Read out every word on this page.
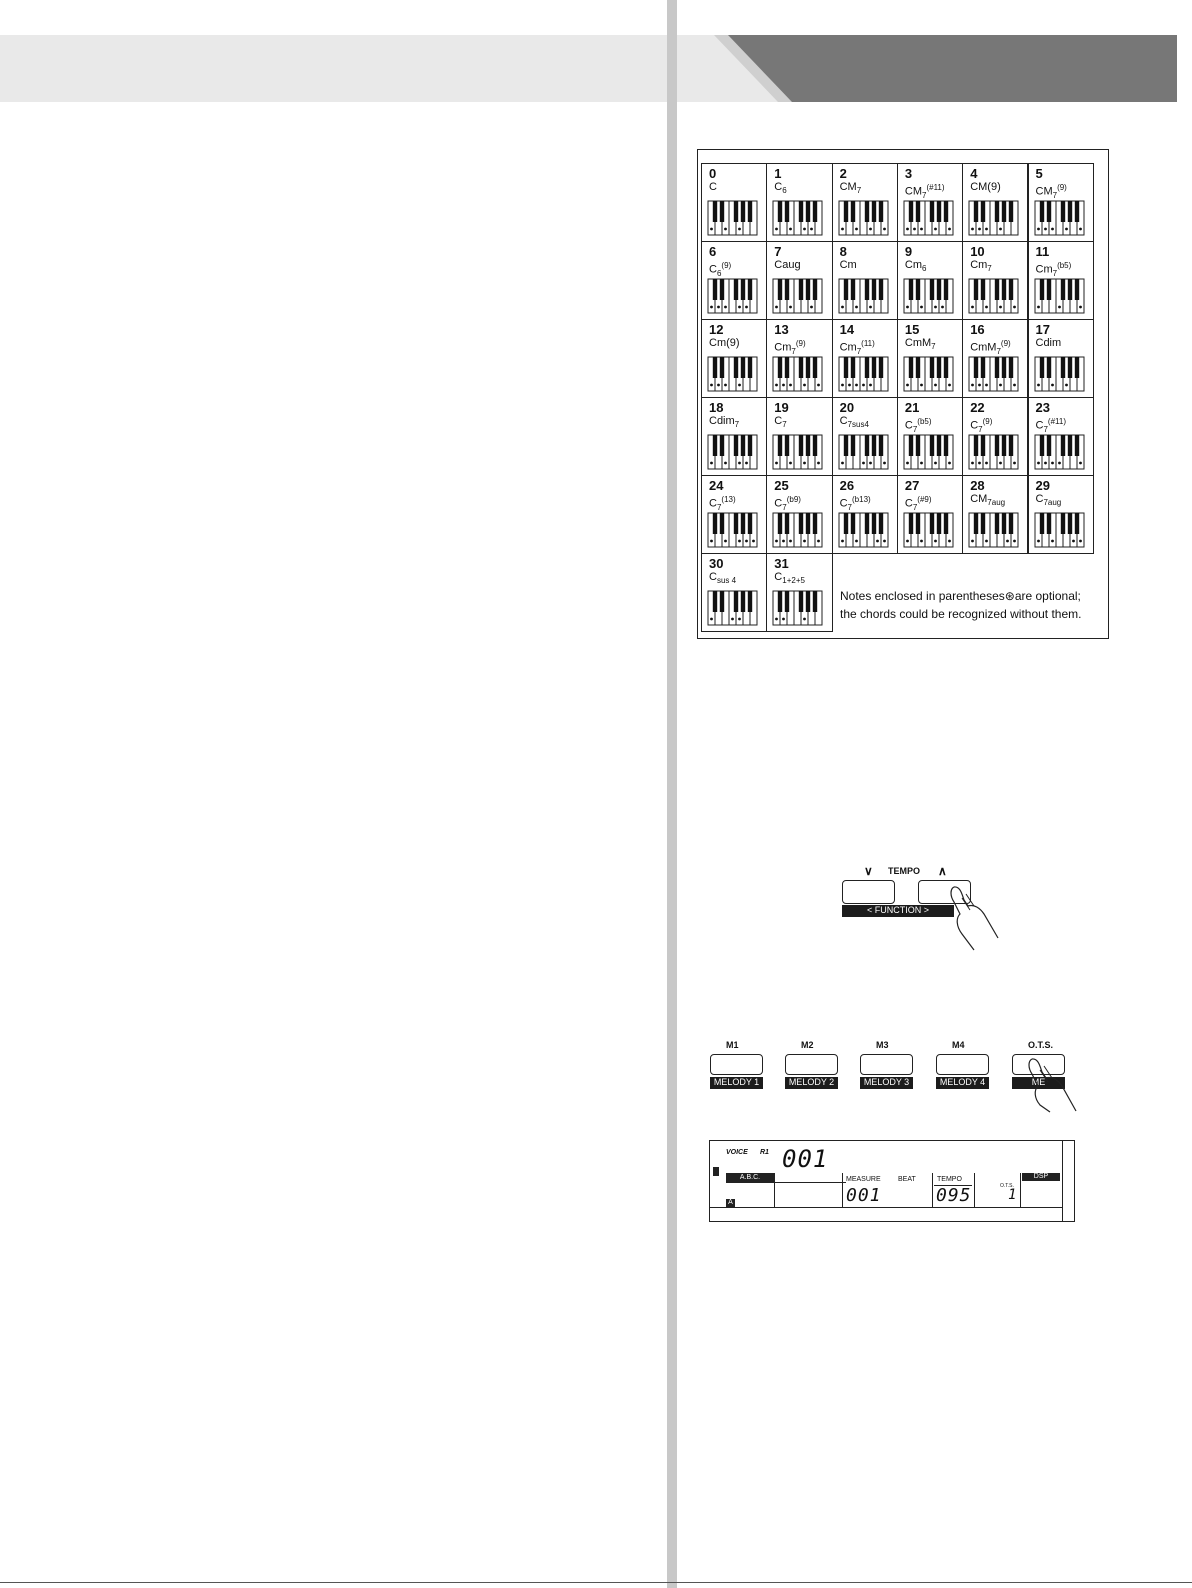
0
C
1
$C_6$
2
$CM_7$
3
$CM_7^{(\#11)}$
4
CM(9)
5
$CM_7^{(9)}$
6
$C_6^{(9)}$
7
Caug
8
Cm
9
$Cm_6$
10
$Cm_7$
11
$Cm_7^{(b5)}$
12
Cm(9)
13
$Cm_7^{(9)}$
14
$Cm_7^{(11)}$
15
CmM$_7$
16
CmM$_7^{(9)}$
17
Cdim
18
Cdim$_7$
19
$C_7$
20
$C_{7sus4}$
21
$C_7^{(b5)}$
22
$C_7^{(9)}$
23
$C_7^{(\#11)}$
24
$C_7^{(13)}$
25
$C_7^{(b9)}$
26
$C_7^{(b13)}$
27
$C_7^{(\#9)}$
28
$CM_{7aug}$
29
$C_{7aug}$
30
$C_{sus 4}$
31
$C_{1+2+5}$
Notes enclosed in parentheses⊛are optional;
the chords could be recognized without them.
∨ TEMPO ∧
< FUNCTION >
M1
MELODY 1
M2
MELODY 2
M3
MELODY 3
M4
MELODY 4
O.T.S.
ME
VOICE R1 001
A.B.C.
A
MEASURE BEAT
001
TEMPO
095	O.T.S.
1
DSP
